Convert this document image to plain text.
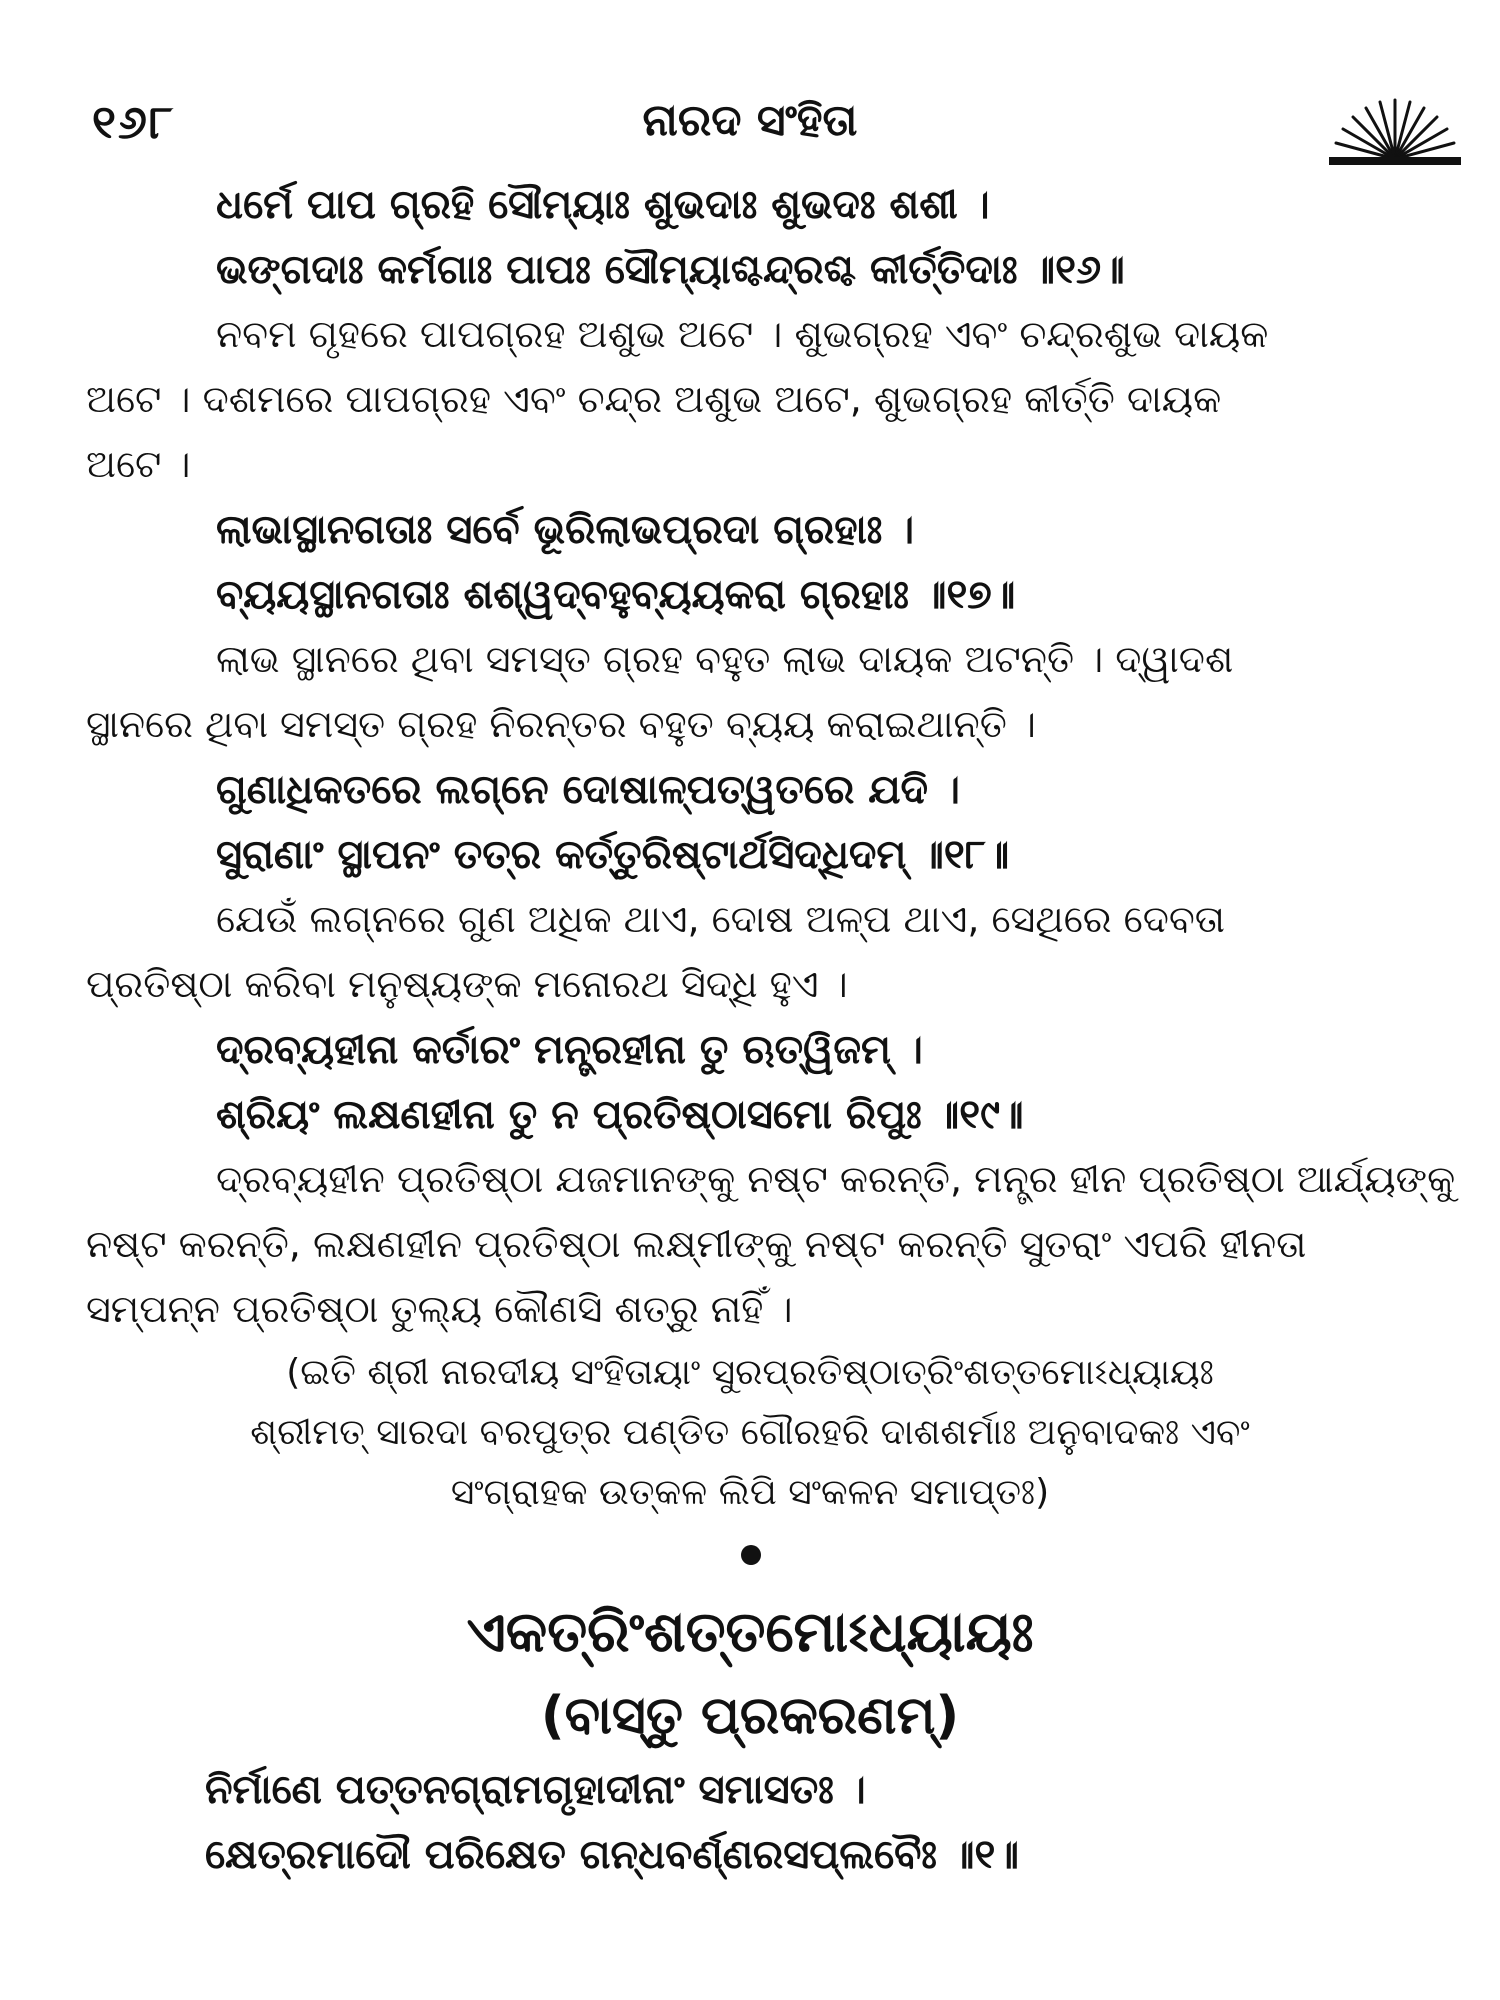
୧୬୮	ନାରଦ ସଂହିତା
ଧର୍ମେ ପାପ ଗ୍ରହି ସୌମ୍ୟାଃ ଶୁଭଦାଃ ଶୁଭଦଃ ଶଶୀ ।
ଭଙ୍ଗଦାଃ କର୍ମଗାଃ ପାପଃ ସୌମ୍ୟାଶ୍ଚନ୍ଦ୍ରଶ୍ଚ କୀର୍ତ୍ତିଦାଃ ॥୧୬॥
ନବମ ଗୃହରେ ପାପଗ୍ରହ ଅଶୁଭ ଅଟେ । ଶୁଭଗ୍ରହ ଏବଂ ଚନ୍ଦ୍ରଶୁଭ ଦାୟକ
ଅଟେ । ଦଶମରେ ପାପଗ୍ରହ ଏବଂ ଚନ୍ଦ୍ର ଅଶୁଭ ଅଟେ, ଶୁଭଗ୍ରହ କୀର୍ତ୍ତି ଦାୟକ
ଅଟେ ।
ଲାଭାସ୍ଥାନଗତାଃ ସର୍ବେ ଭୂରିଲାଭପ୍ରଦା ଗ୍ରହାଃ ।
ବ୍ୟୟସ୍ଥାନଗତାଃ ଶଶ୍ୱଦ୍‌ବହୁବ୍ୟୟକରା ଗ୍ରହାଃ ॥୧୭॥
ଲାଭ ସ୍ଥାନରେ ଥିବା ସମସ୍ତ ଗ୍ରହ ବହୁତ ଲାଭ ଦାୟକ ଅଟନ୍ତି । ଦ୍ୱାଦଶ
ସ୍ଥାନରେ ଥିବା ସମସ୍ତ ଗ୍ରହ ନିରନ୍ତର ବହୁତ ବ୍ୟୟ କରାଇଥାନ୍ତି ।
ଗୁଣାଧିକତରେ ଲଗ୍ନେ ଦୋଷାଳ୍ପତ୍ୱତରେ ଯଦି ।
ସୁରାଣାଂ ସ୍ଥାପନଂ ତତ୍ର କର୍ତ୍ତୁରିଷ୍ଟାର୍ଥସିଦ୍ଧିଦମ୍ ॥୧୮॥
ଯେଉଁ ଲଗ୍ନରେ ଗୁଣ ଅଧିକ ଥାଏ, ଦୋଷ ଅଳ୍ପ ଥାଏ, ସେଥିରେ ଦେବତା
ପ୍ରତିଷ୍ଠା କରିବା ମନୁଷ୍ୟଙ୍କ ମନୋରଥ ସିଦ୍ଧି ହୁଏ ।
ଦ୍ରବ୍ୟହୀନା କର୍ତାରଂ ମନ୍ତ୍ରହୀନା ତୁ ଋତ୍ୱିଜମ୍ ।
ଶ୍ରିୟଂ ଲକ୍ଷଣହୀନା ତୁ ନ ପ୍ରତିଷ୍ଠାସମୋ ରିପୁଃ ॥୧୯॥
ଦ୍ରବ୍ୟହୀନ ପ୍ରତିଷ୍ଠା ଯଜମାନଙ୍କୁ ନଷ୍ଟ କରନ୍ତି, ମନ୍ତ୍ର ହୀନ ପ୍ରତିଷ୍ଠା ଆର୍ଯ୍ୟଙ୍କୁ
ନଷ୍ଟ କରନ୍ତି, ଲକ୍ଷଣହୀନ ପ୍ରତିଷ୍ଠା ଲକ୍ଷ୍ମୀଙ୍କୁ ନଷ୍ଟ କରନ୍ତି ସୁତରାଂ ଏପରି ହୀନତା
ସମ୍ପନ୍ନ ପ୍ରତିଷ୍ଠା ତୁଲ୍ୟ କୌଣସି ଶତ୍ରୁ ନାହିଁ ।
(ଇତି ଶ୍ରୀ ନାରଦୀୟ ସଂହିତାୟାଂ ସୁରପ୍ରତିଷ୍ଠାତ୍ରିଂଶତ୍ତମୋଽଧ୍ୟାୟଃ
ଶ୍ରୀମତ୍ ସାରଦା ବରପୁତ୍ର ପଣ୍ଡିତ ଗୌରହରି ଦାଶଶର୍ମାଃ ଅନୁବାଦକଃ ଏବଂ
ସଂଗ୍ରାହକ ଉତ୍କଳ ଲିପି ସଂକଳନ ସମାପ୍ତଃ)
ଏକତ୍ରିଂଶତ୍ତମୋଽଧ୍ୟାୟଃ
(ବାସ୍ତୁ ପ୍ରକରଣମ୍)
ନିର୍ମାଣେ ପତ୍ତନଗ୍ରାମଗୃହାଦୀନାଂ ସମାସତଃ ।
କ୍ଷେତ୍ରମାଦୌ ପରିକ୍ଷେତ ଗନ୍ଧବର୍ଣ୍ଣରସପ୍ଲବୈଃ ॥୧॥
